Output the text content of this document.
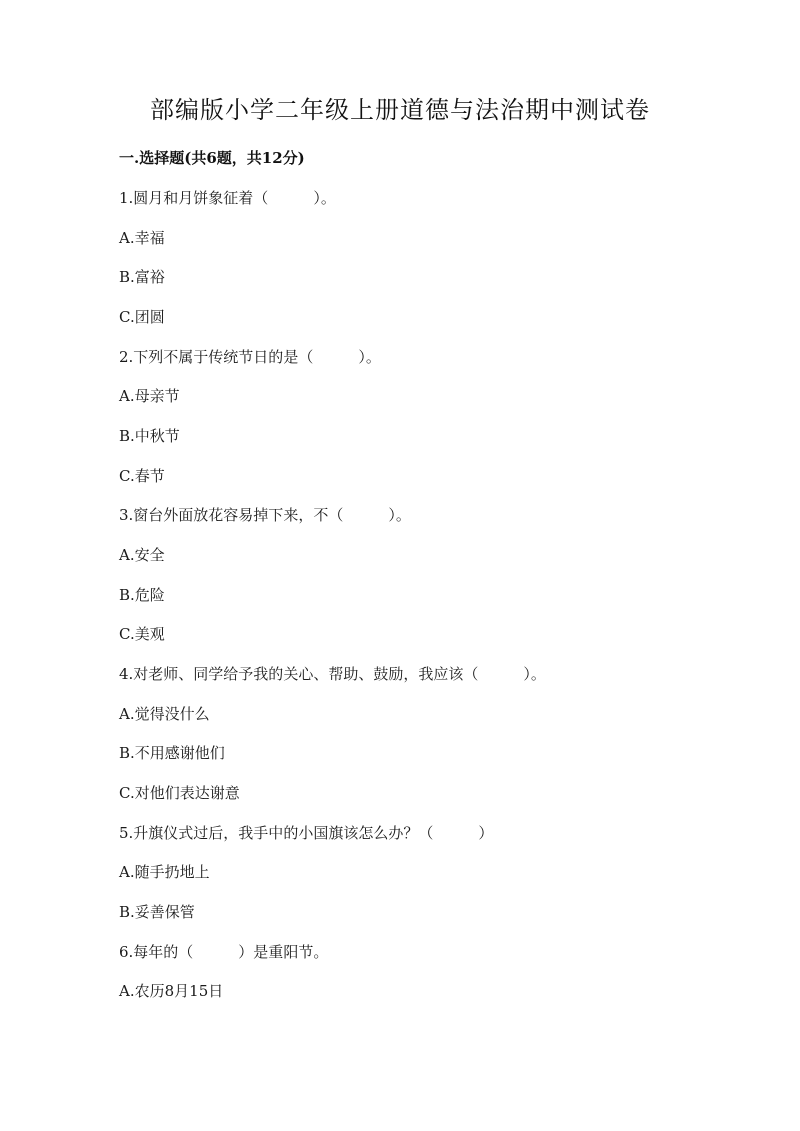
部编版小学二年级上册道德与法治期中测试卷
一.选择题(共6题，共12分)
1.圆月和月饼象征着（　　　）。
A.幸福
B.富裕
C.团圆
2.下列不属于传统节日的是（　　　）。
A.母亲节
B.中秋节
C.春节
3.窗台外面放花容易掉下来，不（　　　）。
A.安全
B.危险
C.美观
4.对老师、同学给予我的关心、帮助、鼓励，我应该（　　　）。
A.觉得没什么
B.不用感谢他们
C.对他们表达谢意
5.升旗仪式过后，我手中的小国旗该怎么办？（　　　）
A.随手扔地上
B.妥善保管
6.每年的（　　　）是重阳节。
A.农历8月15日
